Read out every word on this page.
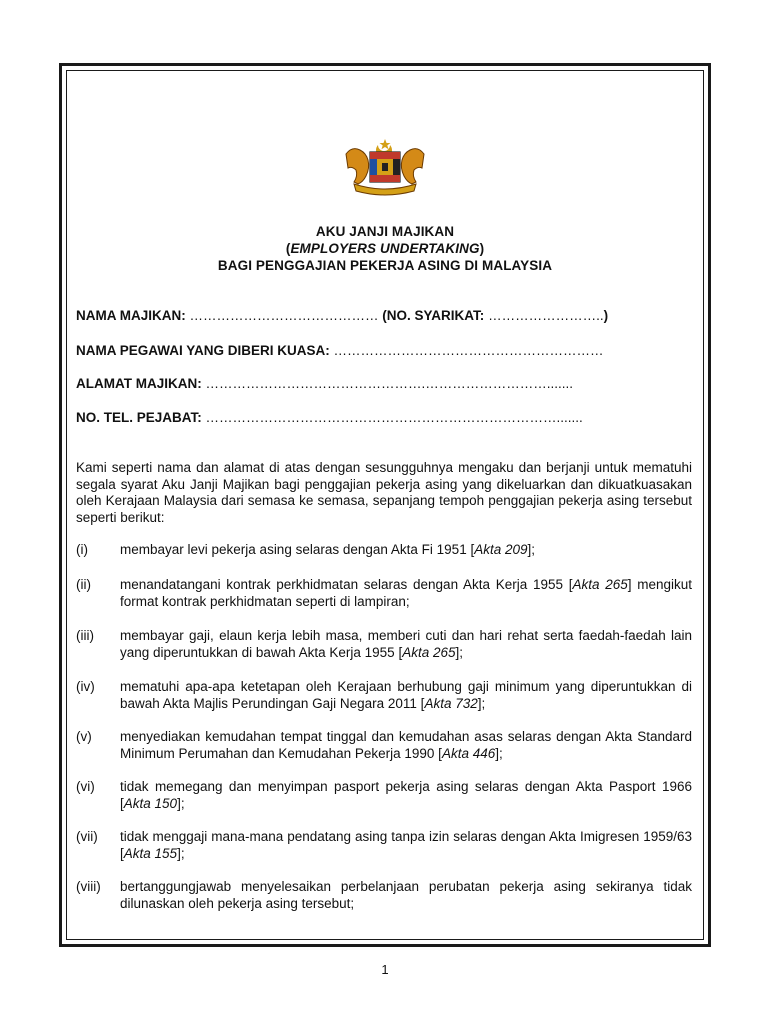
AKU JANJI MAJIKAN
(EMPLOYERS UNDERTAKING)
BAGI PENGGAJIAN PEKERJA ASING DI MALAYSIA
NAMA MAJIKAN: …………………………………… (NO. SYARIKAT: ……………………..)
NAMA PEGAWAI YANG DIBERI KUASA: ……………………………………………………
ALAMAT MAJIKAN: ………………………………………….……………………….......
NO. TEL. PEJABAT: …………………………………………………………………….......
Kami seperti nama dan alamat di atas dengan sesungguhnya mengaku dan berjanji untuk mematuhi segala syarat Aku Janji Majikan bagi penggajian pekerja asing yang dikeluarkan dan dikuatkuasakan oleh Kerajaan Malaysia dari semasa ke semasa, sepanjang tempoh penggajian pekerja asing tersebut seperti berikut:
(i) membayar levi pekerja asing selaras dengan Akta Fi 1951 [Akta 209];
(ii) menandatangani kontrak perkhidmatan selaras dengan Akta Kerja 1955 [Akta 265] mengikut format kontrak perkhidmatan seperti di lampiran;
(iii) membayar gaji, elaun kerja lebih masa, memberi cuti dan hari rehat serta faedah-faedah lain yang diperuntukkan di bawah Akta Kerja 1955 [Akta 265];
(iv) mematuhi apa-apa ketetapan oleh Kerajaan berhubung gaji minimum yang diperuntukkan di bawah Akta Majlis Perundingan Gaji Negara 2011 [Akta 732];
(v) menyediakan kemudahan tempat tinggal dan kemudahan asas selaras dengan Akta Standard Minimum Perumahan dan Kemudahan Pekerja 1990 [Akta 446];
(vi) tidak memegang dan menyimpan pasport pekerja asing selaras dengan Akta Pasport 1966 [Akta 150];
(vii) tidak menggaji mana-mana pendatang asing tanpa izin selaras dengan Akta Imigresen 1959/63 [Akta 155];
(viii) bertanggungjawab menyelesaikan perbelanjaan perubatan pekerja asing sekiranya tidak dilunaskan oleh pekerja asing tersebut;
1
